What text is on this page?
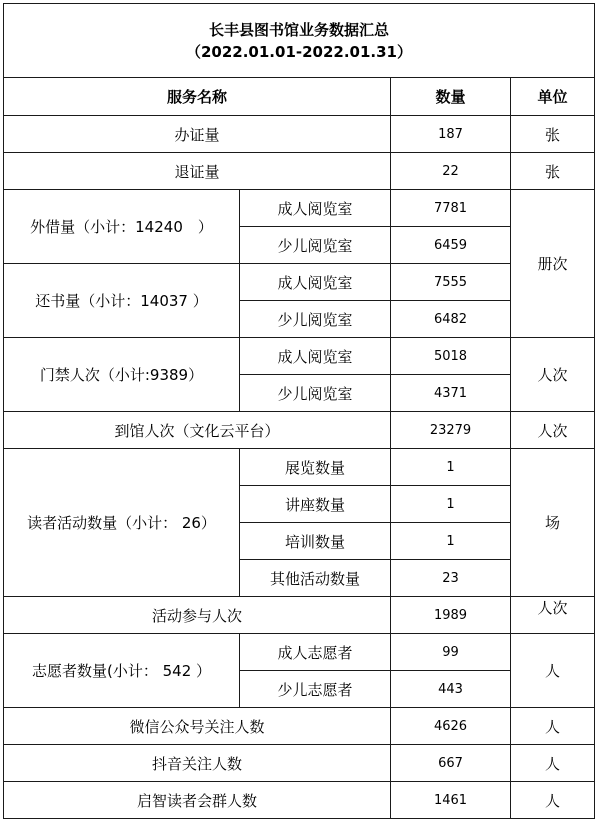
长丰县图书馆业务数据汇总
（2022.01.01-2022.01.31）			

服务名称		数量	单位
办证量		187	张
退证量		22	张
外借量（小计：14240　）	成人阅览室	7781	册次
	少儿阅览室	6459	
还书量（小计：14037 ）	成人阅览室	7555	
	少儿阅览室	6482	
门禁人次（小计:9389）	成人阅览室	5018	人次
	少儿阅览室	4371	
到馆人次（文化云平台）		23279	人次
读者活动数量（小计： 26）	展览数量	1	场
	讲座数量	1	
	培训数量	1	
	其他活动数量	23	
活动参与人次		1989	人次
志愿者数量(小计： 542 ）	成人志愿者	99	人
	少儿志愿者	443	
微信公众号关注人数		4626	人
抖音关注人数		667	人
启智读者会群人数		1461	人
